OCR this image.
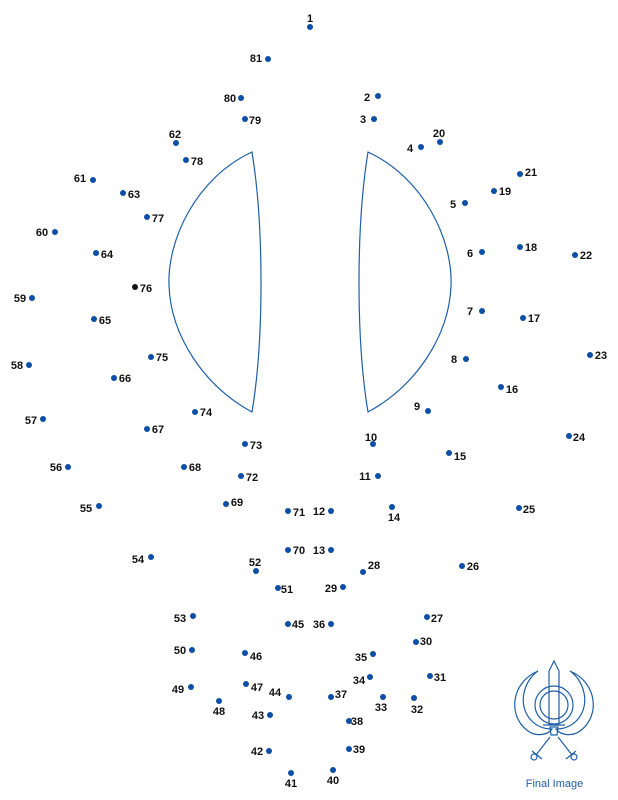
1
2
3
4
5
6
7
8
9
10
11
12
13
14
15
16
17
18
19
20
21
22
23
24
25
26
27
28
29
30
31
32
33
34
35
36
37
38
39
40
41
42
43
44
45
46
47
48
49
50
51
52
53
54
55
56
57
58
59
60
61
62
63
64
65
66
67
68
69
70
71
72
73
74
75
76
77
78
79
80
81
Final Image
